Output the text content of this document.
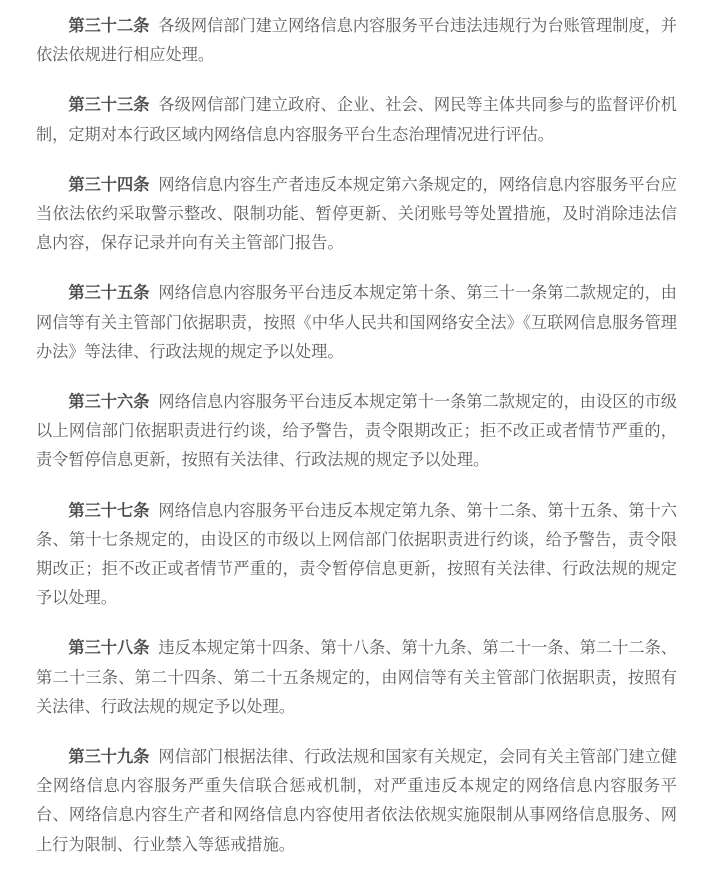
第三十二条 各级网信部门建立网络信息内容服务平台违法违规行为台账管理制度，并依法依规进行相应处理。

第三十三条 各级网信部门建立政府、企业、社会、网民等主体共同参与的监督评价机制，定期对本行政区域内网络信息内容服务平台生态治理情况进行评估。

第三十四条 网络信息内容生产者违反本规定第六条规定的，网络信息内容服务平台应当依法依约采取警示整改、限制功能、暂停更新、关闭账号等处置措施，及时消除违法信息内容，保存记录并向有关主管部门报告。

第三十五条 网络信息内容服务平台违反本规定第十条、第三十一条第二款规定的，由网信等有关主管部门依据职责，按照《中华人民共和国网络安全法》《互联网信息服务管理办法》等法律、行政法规的规定予以处理。

第三十六条 网络信息内容服务平台违反本规定第十一条第二款规定的，由设区的市级以上网信部门依据职责进行约谈，给予警告，责令限期改正；拒不改正或者情节严重的，责令暂停信息更新，按照有关法律、行政法规的规定予以处理。

第三十七条 网络信息内容服务平台违反本规定第九条、第十二条、第十五条、第十六条、第十七条规定的，由设区的市级以上网信部门依据职责进行约谈，给予警告，责令限期改正；拒不改正或者情节严重的，责令暂停信息更新，按照有关法律、行政法规的规定予以处理。

第三十八条 违反本规定第十四条、第十八条、第十九条、第二十一条、第二十二条、第二十三条、第二十四条、第二十五条规定的，由网信等有关主管部门依据职责，按照有关法律、行政法规的规定予以处理。

第三十九条 网信部门根据法律、行政法规和国家有关规定，会同有关主管部门建立健全网络信息内容服务严重失信联合惩戒机制，对严重违反本规定的网络信息内容服务平台、网络信息内容生产者和网络信息内容使用者依法依规实施限制从事网络信息服务、网上行为限制、行业禁入等惩戒措施。
